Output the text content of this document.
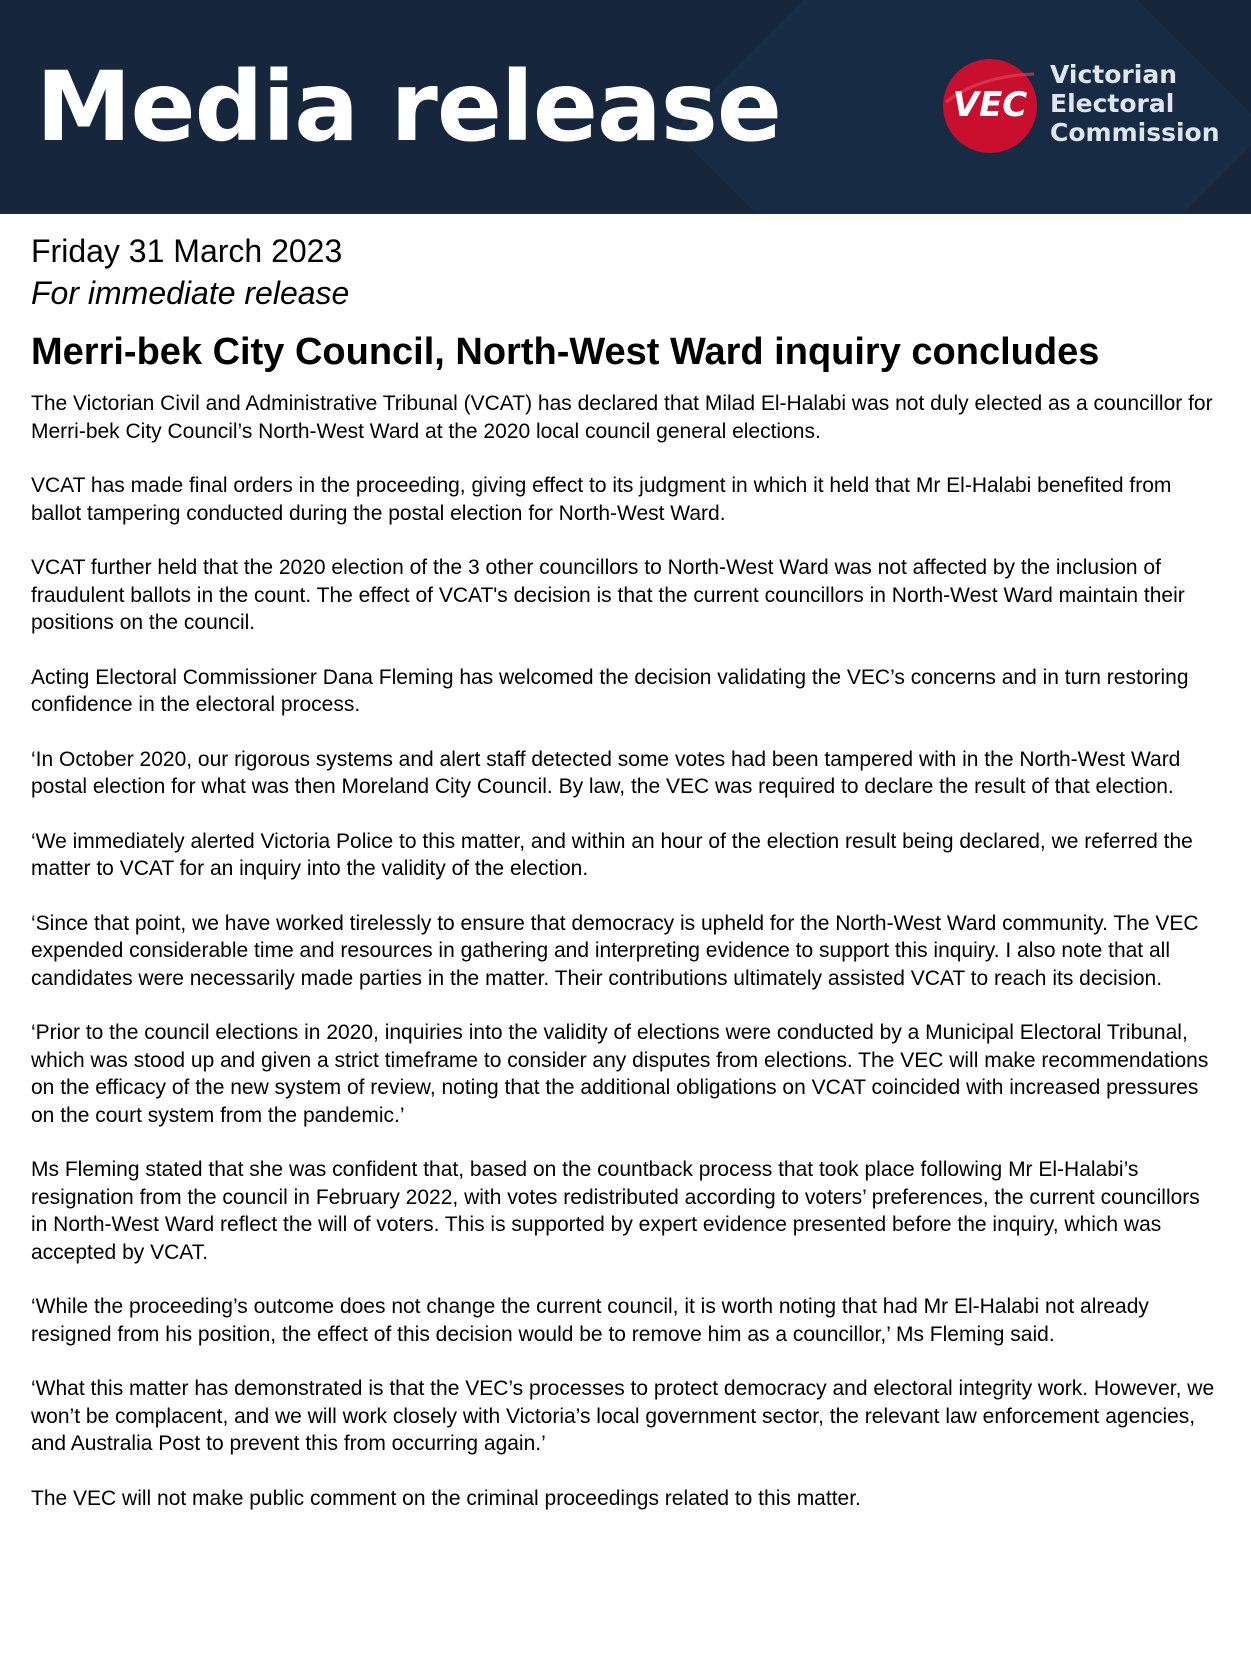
Media release	VEC
Victorian
Electoral
Commission

Friday 31 March 2023

For immediate release

Merri-bek City Council, North-West Ward inquiry concludes

The Victorian Civil and Administrative Tribunal (VCAT) has declared that Milad El-Halabi was not duly elected as a councillor for Merri-bek City Council’s North-West Ward at the 2020 local council general elections.

VCAT has made final orders in the proceeding, giving effect to its judgment in which it held that Mr El-Halabi benefited from ballot tampering conducted during the postal election for North-West Ward.

VCAT further held that the 2020 election of the 3 other councillors to North-West Ward was not affected by the inclusion of fraudulent ballots in the count. The effect of VCAT's decision is that the current councillors in North-West Ward maintain their positions on the council.

Acting Electoral Commissioner Dana Fleming has welcomed the decision validating the VEC’s concerns and in turn restoring confidence in the electoral process.

‘In October 2020, our rigorous systems and alert staff detected some votes had been tampered with in the North-West Ward postal election for what was then Moreland City Council. By law, the VEC was required to declare the result of that election.

‘We immediately alerted Victoria Police to this matter, and within an hour of the election result being declared, we referred the matter to VCAT for an inquiry into the validity of the election.

‘Since that point, we have worked tirelessly to ensure that democracy is upheld for the North-West Ward community. The VEC expended considerable time and resources in gathering and interpreting evidence to support this inquiry. I also note that all candidates were necessarily made parties in the matter. Their contributions ultimately assisted VCAT to reach its decision.

‘Prior to the council elections in 2020, inquiries into the validity of elections were conducted by a Municipal Electoral Tribunal, which was stood up and given a strict timeframe to consider any disputes from elections. The VEC will make recommendations on the efficacy of the new system of review, noting that the additional obligations on VCAT coincided with increased pressures on the court system from the pandemic.’

Ms Fleming stated that she was confident that, based on the countback process that took place following Mr El-Halabi’s resignation from the council in February 2022, with votes redistributed according to voters’ preferences, the current councillors in North-West Ward reflect the will of voters. This is supported by expert evidence presented before the inquiry, which was accepted by VCAT.

‘While the proceeding’s outcome does not change the current council, it is worth noting that had Mr El-Halabi not already resigned from his position, the effect of this decision would be to remove him as a councillor,’ Ms Fleming said.

‘What this matter has demonstrated is that the VEC’s processes to protect democracy and electoral integrity work. However, we won’t be complacent, and we will work closely with Victoria’s local government sector, the relevant law enforcement agencies, and Australia Post to prevent this from occurring again.’

The VEC will not make public comment on the criminal proceedings related to this matter.
